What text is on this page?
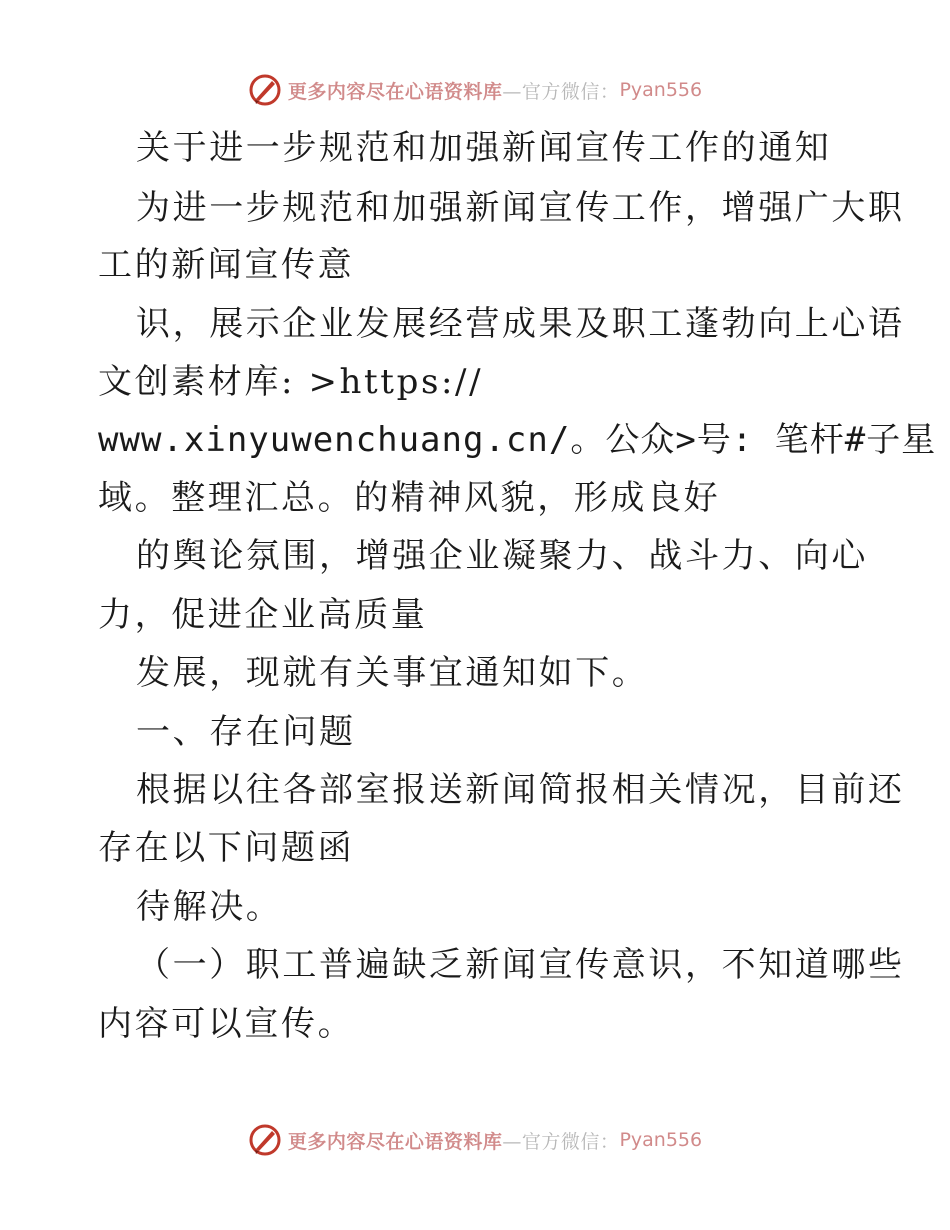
更多内容尽在心语资料库 —官方微信： Pyan556
关于进一步规范和加强新闻宣传工作的通知
为进一步规范和加强新闻宣传工作，增强广大职
工的新闻宣传意
识，展示企业发展经营成果及职工蓬勃向上心语
文创素材库: >https://
www.xinyuwenchuang.cn/。公众>号: 笔杆#子星
域。整理汇总。的精神风貌，形成良好
的舆论氛围，增强企业凝聚力、战斗力、向心
力，促进企业高质量
发展，现就有关事宜通知如下。
一、存在问题
根据以往各部室报送新闻简报相关情况，目前还
存在以下问题函
待解决。
（一）职工普遍缺乏新闻宣传意识，不知道哪些
内容可以宣传。
更多内容尽在心语资料库 —官方微信： Pyan556
